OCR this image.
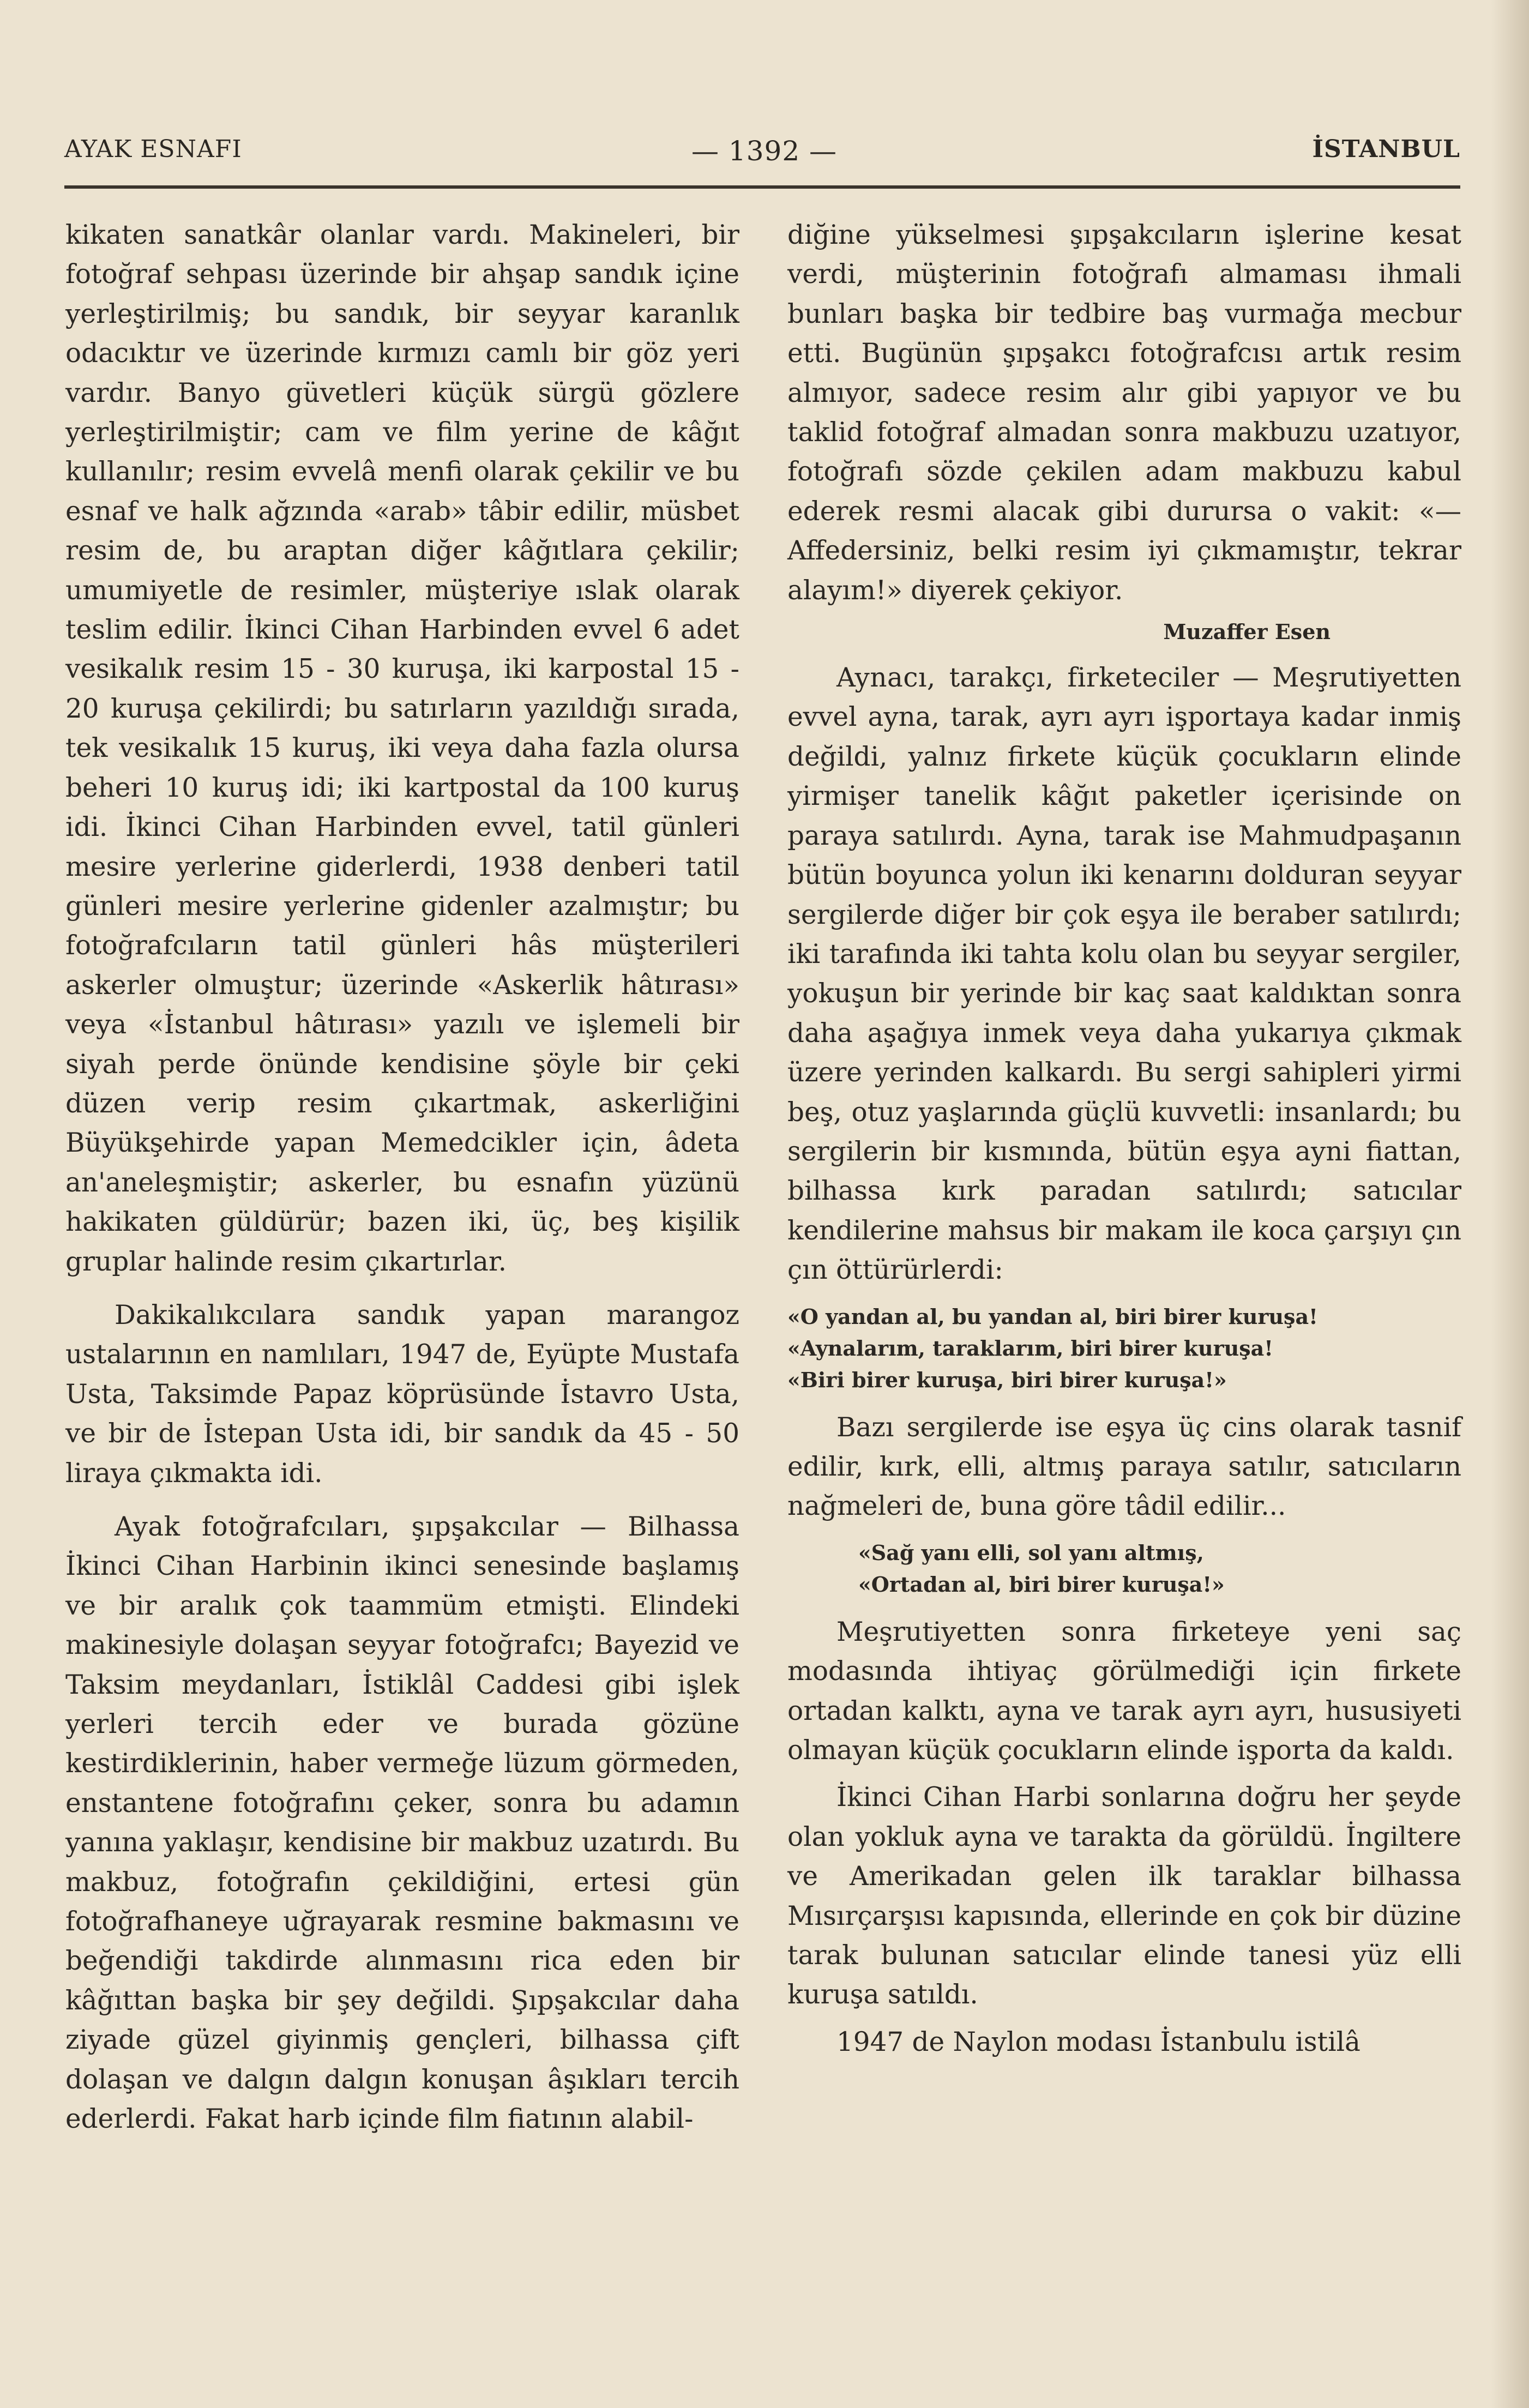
AYAK ESNAFI	— 1392 —	İSTANBUL

kikaten sanatkâr olanlar vardı. Makineleri, bir fotoğraf sehpası üzerinde bir ahşap sandık içine yerleştirilmiş; bu sandık, bir seyyar karanlık odacıktır ve üzerinde kırmızı camlı bir göz yeri vardır. Banyo güvetleri küçük sürgü gözlere yerleştirilmiştir; cam ve film yerine de kâğıt kullanılır; resim evvelâ menfi olarak çekilir ve bu esnaf ve halk ağzında «arab» tâbir edilir, müsbet resim de, bu araptan diğer kâğıtlara çekilir; umumiyetle de resimler, müşteriye ıslak olarak teslim edilir. İkinci Cihan Harbinden evvel 6 adet vesikalık resim 15 - 30 kuruşa, iki karpostal 15 - 20 kuruşa çekilirdi; bu satırların yazıldığı sırada, tek vesikalık 15 kuruş, iki veya daha fazla olursa beheri 10 kuruş idi; iki kartpostal da 100 kuruş idi. İkinci Cihan Harbinden evvel, tatil günleri mesire yerlerine giderlerdi, 1938 denberi tatil günleri mesire yerlerine gidenler azalmıştır; bu fotoğrafcıların tatil günleri hâs müşterileri askerler olmuştur; üzerinde «Askerlik hâtırası» veya «İstanbul hâtırası» yazılı ve işlemeli bir siyah perde önünde kendisine şöyle bir çeki düzen verip resim çıkartmak, askerliğini Büyükşehirde yapan Memedcikler için, âdeta an'aneleşmiştir; askerler, bu esnafın yüzünü hakikaten güldürür; bazen iki, üç, beş kişilik gruplar halinde resim çıkartırlar.

Dakikalıkcılara sandık yapan marangoz ustalarının en namlıları, 1947 de, Eyüpte Mustafa Usta, Taksimde Papaz köprüsünde İstavro Usta, ve bir de İstepan Usta idi, bir sandık da 45 - 50 liraya çıkmakta idi.

Ayak fotoğrafcıları, şıpşakcılar — Bilhassa İkinci Cihan Harbinin ikinci senesinde başlamış ve bir aralık çok taammüm etmişti. Elindeki makinesiyle dolaşan seyyar fotoğrafcı; Bayezid ve Taksim meydanları, İstiklâl Caddesi gibi işlek yerleri tercih eder ve burada gözüne kestirdiklerinin, haber vermeğe lüzum görmeden, enstantene fotoğrafını çeker, sonra bu adamın yanına yaklaşır, kendisine bir makbuz uzatırdı. Bu makbuz, fotoğrafın çekildiğini, ertesi gün fotoğrafhaneye uğrayarak resmine bakmasını ve beğendiği takdirde alınmasını rica eden bir kâğıttan başka bir şey değildi. Şıpşakcılar daha ziyade güzel giyinmiş gençleri, bilhassa çift dolaşan ve dalgın dalgın konuşan âşıkları tercih ederlerdi. Fakat harb içinde film fiatının alabil-

diğine yükselmesi şıpşakcıların işlerine kesat verdi, müşterinin fotoğrafı almaması ihmali bunları başka bir tedbire baş vurmağa mecbur etti. Bugünün şıpşakcı fotoğrafcısı artık resim almıyor, sadece resim alır gibi yapıyor ve bu taklid fotoğraf almadan sonra makbuzu uzatıyor, fotoğrafı sözde çekilen adam makbuzu kabul ederek resmi alacak gibi durursa o vakit: «— Affedersiniz, belki resim iyi çıkmamıştır, tekrar alayım!» diyerek çekiyor.

Muzaffer Esen

Aynacı, tarakçı, firketeciler — Meşrutiyetten evvel ayna, tarak, ayrı ayrı işportaya kadar inmiş değildi, yalnız firkete küçük çocukların elinde yirmişer tanelik kâğıt paketler içerisinde on paraya satılırdı. Ayna, tarak ise Mahmudpaşanın bütün boyunca yolun iki kenarını dolduran seyyar sergilerde diğer bir çok eşya ile beraber satılırdı; iki tarafında iki tahta kolu olan bu seyyar sergiler, yokuşun bir yerinde bir kaç saat kaldıktan sonra daha aşağıya inmek veya daha yukarıya çıkmak üzere yerinden kalkardı. Bu sergi sahipleri yirmi beş, otuz yaşlarında güçlü kuvvetli: insanlardı; bu sergilerin bir kısmında, bütün eşya ayni fiattan, bilhassa kırk paradan satılırdı; satıcılar kendilerine mahsus bir makam ile koca çarşıyı çın çın öttürürlerdi:

«O yandan al, bu yandan al, biri birer kuruşa!
«Aynalarım, taraklarım, biri birer kuruşa!
«Biri birer kuruşa, biri birer kuruşa!»

Bazı sergilerde ise eşya üç cins olarak tasnif edilir, kırk, elli, altmış paraya satılır, satıcıların nağmeleri de, buna göre tâdil edilir...

«Sağ yanı elli, sol yanı altmış,
«Ortadan al, biri birer kuruşa!»

Meşrutiyetten sonra firketeye yeni saç modasında ihtiyaç görülmediği için firkete ortadan kalktı, ayna ve tarak ayrı ayrı, hususiyeti olmayan küçük çocukların elinde işporta da kaldı.

İkinci Cihan Harbi sonlarına doğru her şeyde olan yokluk ayna ve tarakta da görüldü. İngiltere ve Amerikadan gelen ilk taraklar bilhassa Mısırçarşısı kapısında, ellerinde en çok bir düzine tarak bulunan satıcılar elinde tanesi yüz elli kuruşa satıldı.

1947 de Naylon modası İstanbulu istilâ
